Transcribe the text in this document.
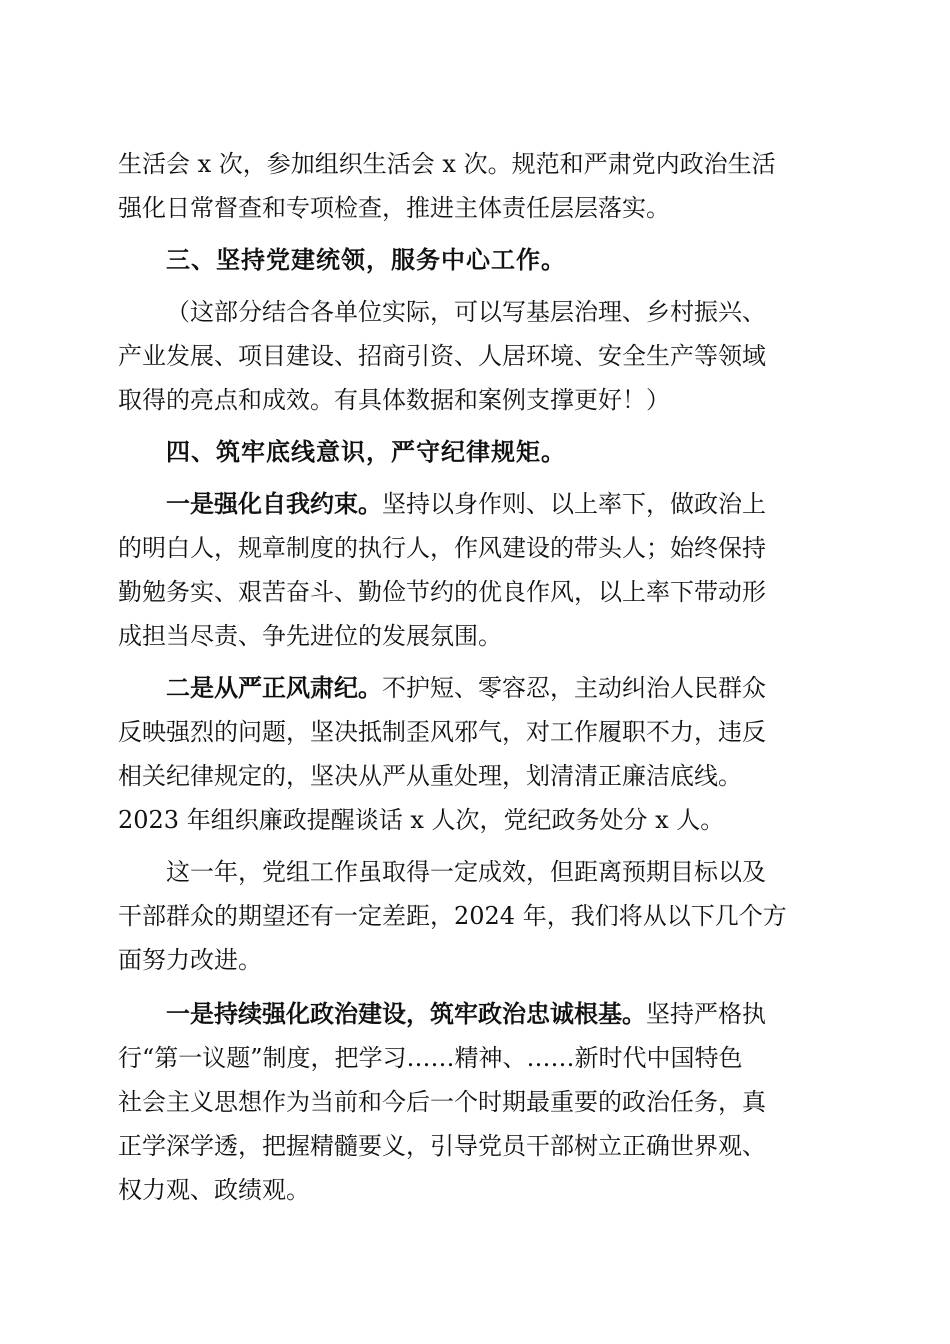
生活会 x 次，参加组织生活会 x 次。规范和严肃党内政治生活
强化日常督查和专项检查，推进主体责任层层落实。
三、坚持党建统领，服务中心工作。
（这部分结合各单位实际，可以写基层治理、乡村振兴、
产业发展、项目建设、招商引资、人居环境、安全生产等领域
取得的亮点和成效。有具体数据和案例支撑更好！）
四、筑牢底线意识，严守纪律规矩。
一是强化自我约束。坚持以身作则、以上率下，做政治上
的明白人，规章制度的执行人，作风建设的带头人；始终保持
勤勉务实、艰苦奋斗、勤俭节约的优良作风，以上率下带动形
成担当尽责、争先进位的发展氛围。
二是从严正风肃纪。不护短、零容忍，主动纠治人民群众
反映强烈的问题，坚决抵制歪风邪气，对工作履职不力，违反
相关纪律规定的，坚决从严从重处理，划清清正廉洁底线。
2023 年组织廉政提醒谈话 x 人次，党纪政务处分 x 人。
这一年，党组工作虽取得一定成效，但距离预期目标以及
干部群众的期望还有一定差距，2024 年，我们将从以下几个方
面努力改进。
一是持续强化政治建设，筑牢政治忠诚根基。坚持严格执
行“第一议题”制度，把学习……精神、……新时代中国特色
社会主义思想作为当前和今后一个时期最重要的政治任务，真
正学深学透，把握精髓要义，引导党员干部树立正确世界观、
权力观、政绩观。
